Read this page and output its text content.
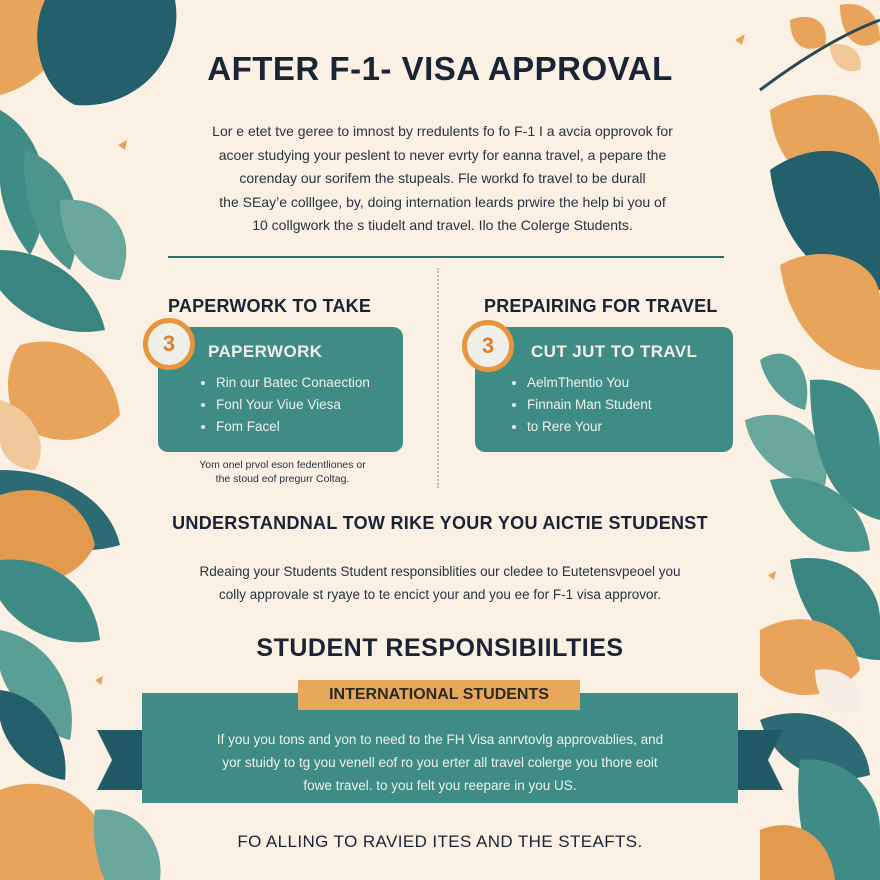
AFTER F-1- VISA APPROVAL
Lor e etet tve geree to imnost by rredulents fo fo F-1 I a avcia opprovok for
acoer studying your peslent to never evrty for eanna travel, a pepare the
corenday our sorifem the stupeals. Fle workd fo travel to be durall
the SEay’e colllgee, by, doing internation leards prwire the help bi you of
10 collgwork the s tiudelt and travel. Ilo the Colerge Students.
PAPERWORK TO TAKE
PAPERWORK
• Rin our Batec Conaection
• Fonl Your Viue Viesa
• Fom Facel
3
Yom onel prvol eson fedentliones or
the stoud eof pregurr Coltag.
PREPAIRING FOR TRAVEL
CUT JUT TO TRAVL
• AelmThentio You
• Finnain Man Student
• to Rere Your
3
UNDERSTANDNAL TOW RIKE YOUR YOU AICTIE STUDENST
Rdeaing your Students Student responsiblities our cledee to Eutetensvpeoel you
colly approvale st ryaye to te encict your and you ee for F-1 visa approvor.
STUDENT RESPONSIBIILTIES
INTERNATIONAL STUDENTS
If you you tons and yon to need to the FH Visa anrvtovlg approvablies, and
yor stuidy to tg you venell eof ro you erter all travel colerge you thore eoit
fowe travel. to you felt you reepare in you US.
FO ALLING TO RAVIED ITES AND THE STEAFTS.
